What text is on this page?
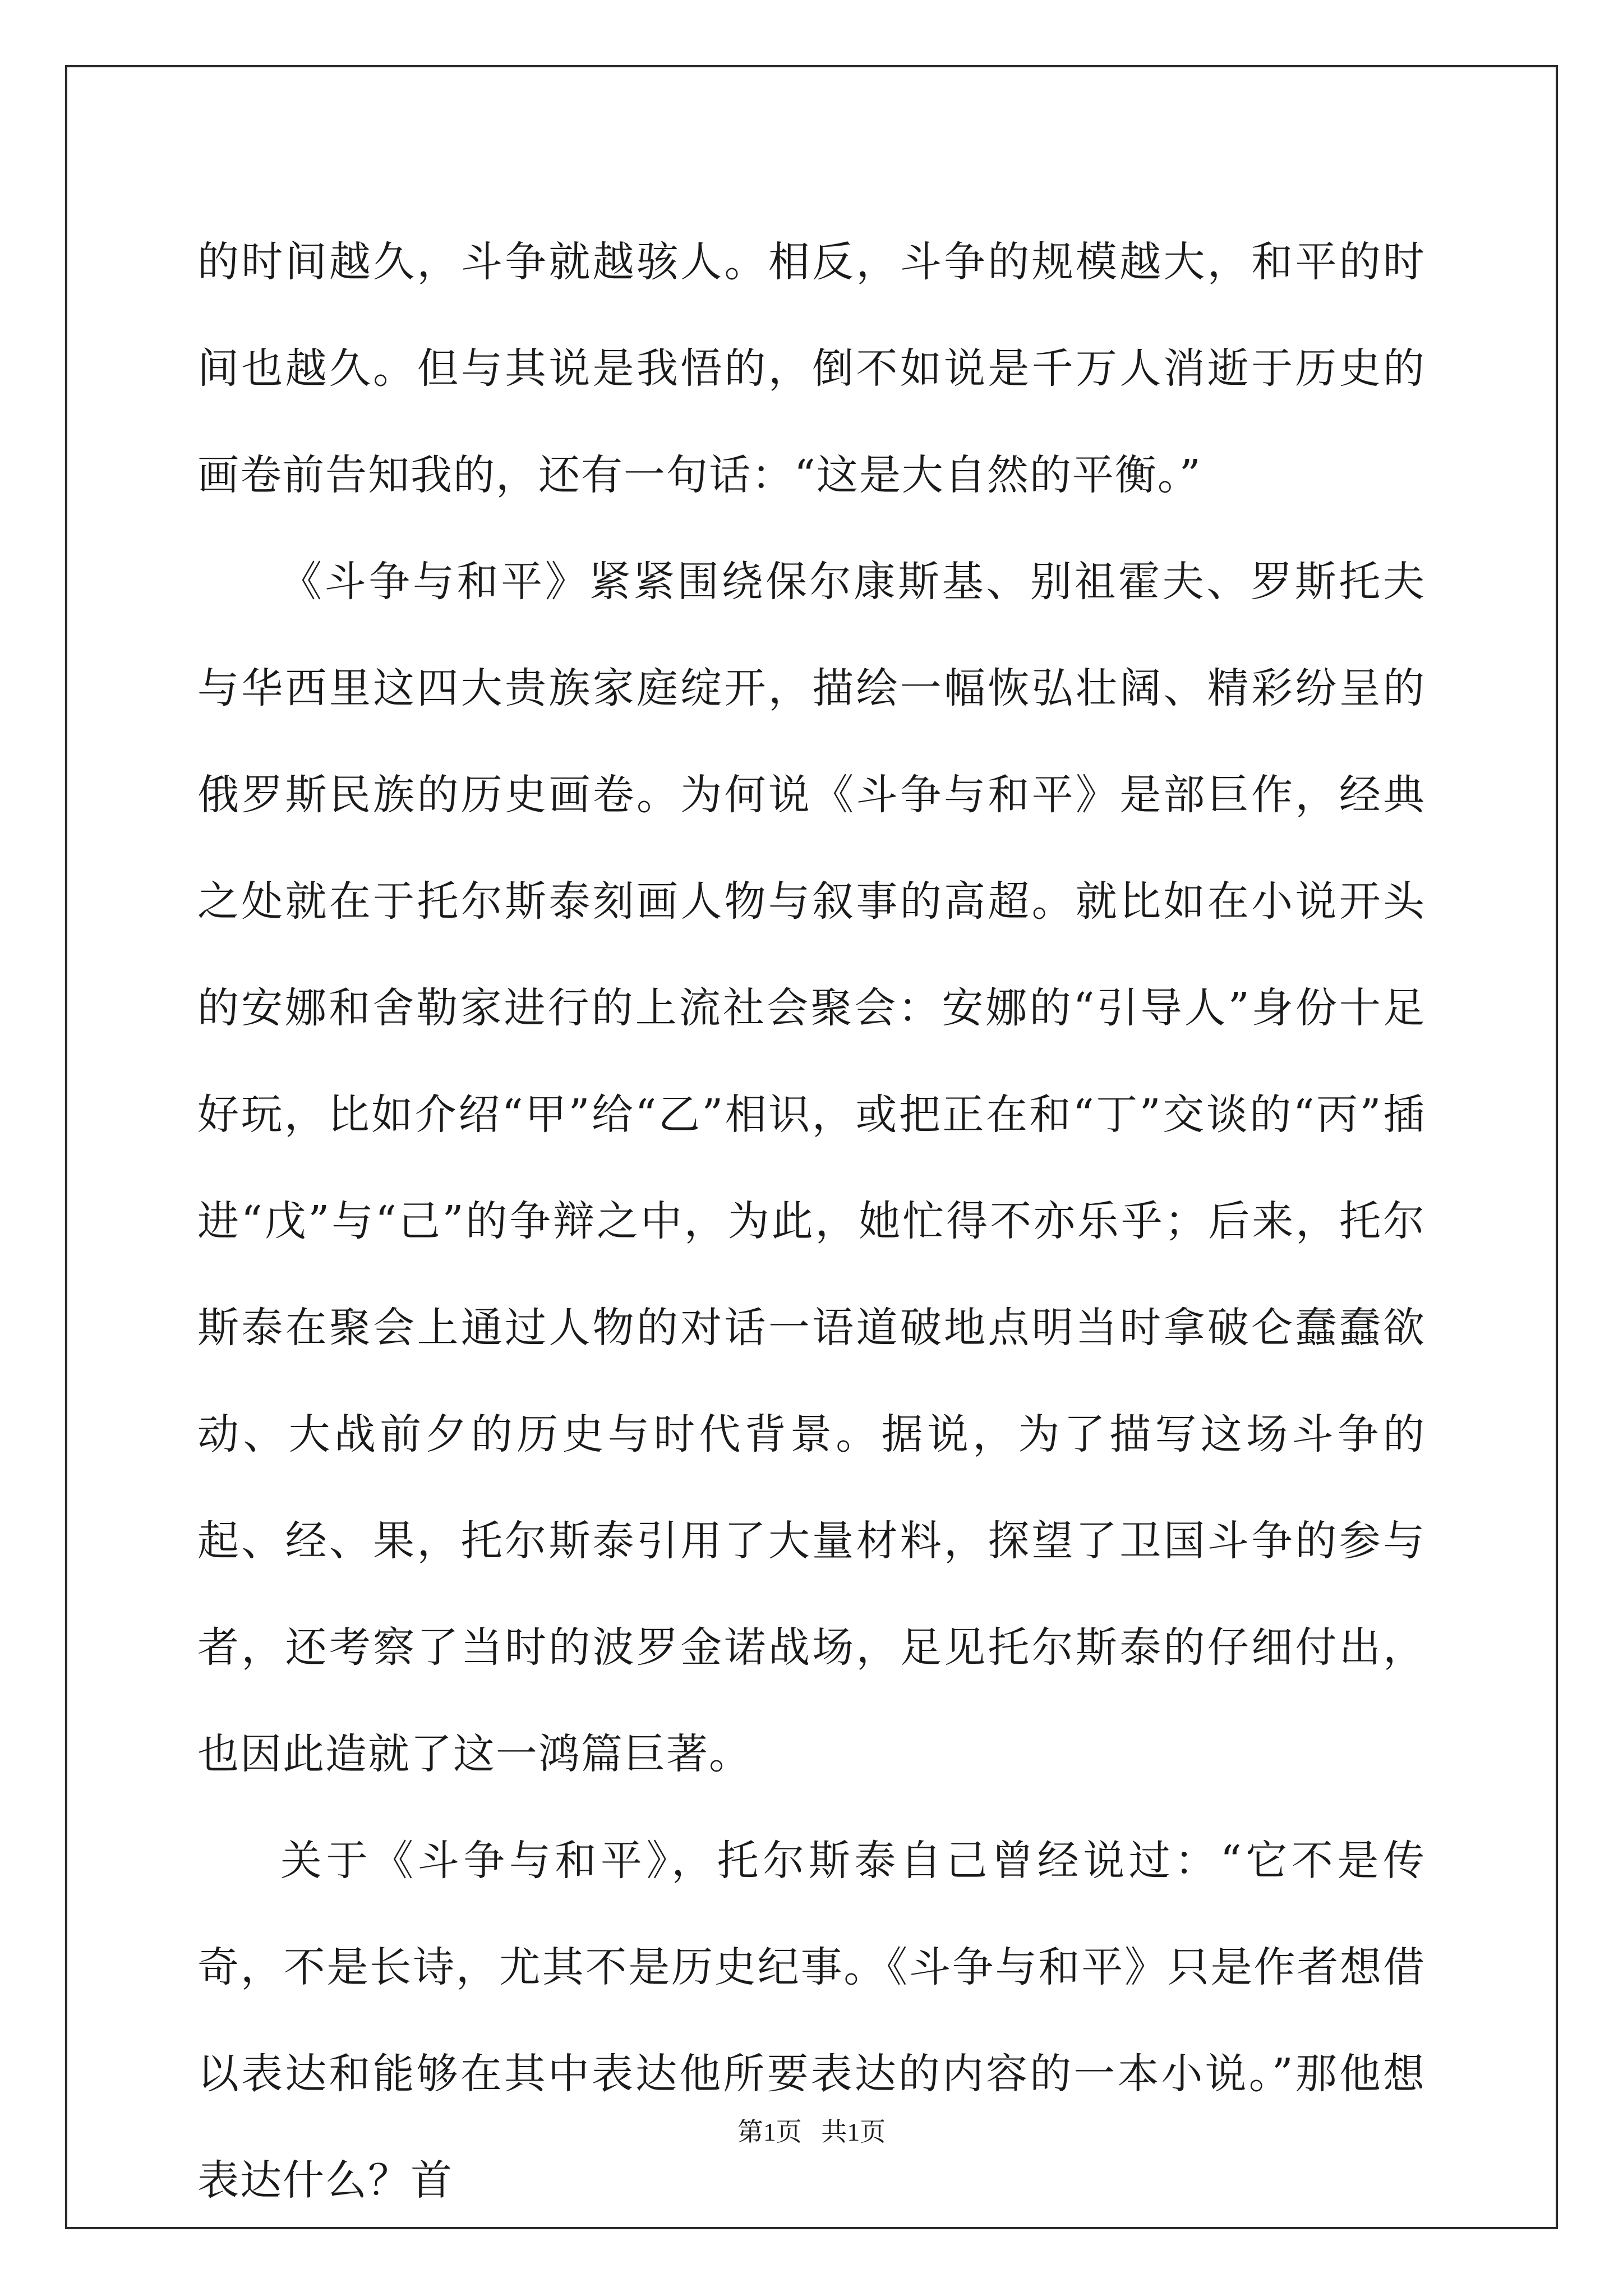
的时间越久，斗争就越骇人。相反，斗争的规模越大，和平的时间也越久。但与其说是我悟的，倒不如说是千万人消逝于历史的画卷前告知我的，还有一句话：“这是大自然的平衡。”

《斗争与和平》紧紧围绕保尔康斯基、别祖霍夫、罗斯托夫与华西里这四大贵族家庭绽开，描绘一幅恢弘壮阔、精彩纷呈的俄罗斯民族的历史画卷。为何说《斗争与和平》是部巨作，经典之处就在于托尔斯泰刻画人物与叙事的高超。就比如在小说开头的安娜和舍勒家进行的上流社会聚会：安娜的“引导人”身份十足好玩，比如介绍“甲”给“乙”相识，或把正在和“丁”交谈的“丙”插进“戊”与“己”的争辩之中，为此，她忙得不亦乐乎；后来，托尔斯泰在聚会上通过人物的对话一语道破地点明当时拿破仑蠢蠢欲动、大战前夕的历史与时代背景。据说，为了描写这场斗争的起、经、果，托尔斯泰引用了大量材料，探望了卫国斗争的参与者，还考察了当时的波罗金诺战场，足见托尔斯泰的仔细付出，也因此造就了这一鸿篇巨著。

关于《斗争与和平》，托尔斯泰自己曾经说过：“它不是传奇，不是长诗，尤其不是历史纪事。《斗争与和平》只是作者想借以表达和能够在其中表达他所要表达的内容的一本小说。”那他想表达什么？首

第1页   共1页
